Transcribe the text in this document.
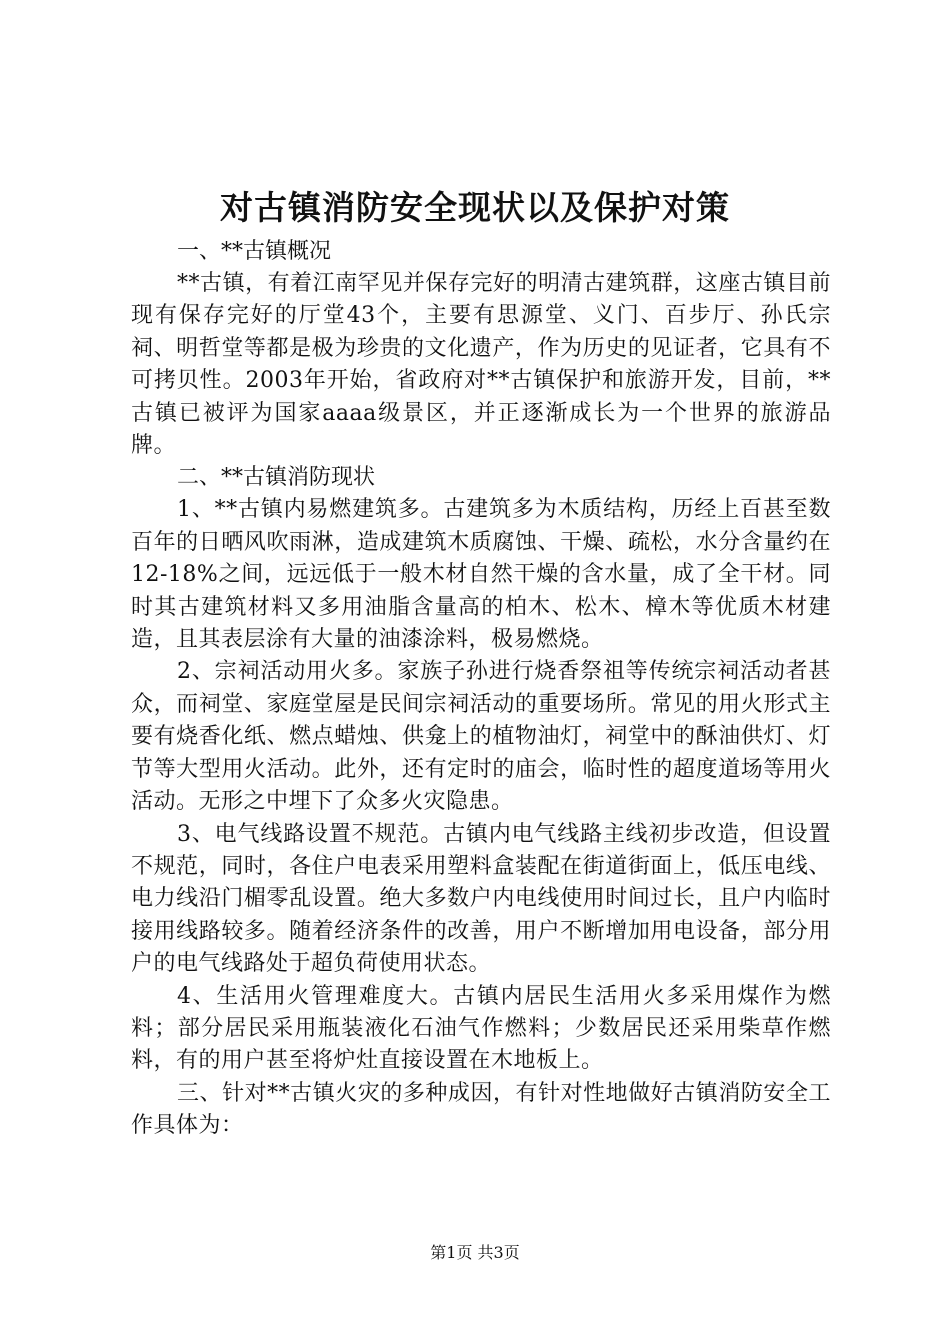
对古镇消防安全现状以及保护对策

一、**古镇概况

**古镇，有着江南罕见并保存完好的明清古建筑群，这座古镇目前现有保存完好的厅堂43个，主要有思源堂、义门、百步厅、孙氏宗祠、明哲堂等都是极为珍贵的文化遗产，作为历史的见证者，它具有不可拷贝性。2003年开始，省政府对**古镇保护和旅游开发，目前，**古镇已被评为国家aaaa级景区，并正逐渐成长为一个世界的旅游品牌。

二、**古镇消防现状

1、**古镇内易燃建筑多。古建筑多为木质结构，历经上百甚至数百年的日晒风吹雨淋，造成建筑木质腐蚀、干燥、疏松，水分含量约在12-18%之间，远远低于一般木材自然干燥的含水量，成了全干材。同时其古建筑材料又多用油脂含量高的柏木、松木、樟木等优质木材建造，且其表层涂有大量的油漆涂料，极易燃烧。

2、宗祠活动用火多。家族子孙进行烧香祭祖等传统宗祠活动者甚众，而祠堂、家庭堂屋是民间宗祠活动的重要场所。常见的用火形式主要有烧香化纸、燃点蜡烛、供龛上的植物油灯，祠堂中的酥油供灯、灯节等大型用火活动。此外，还有定时的庙会，临时性的超度道场等用火活动。无形之中埋下了众多火灾隐患。

3、电气线路设置不规范。古镇内电气线路主线初步改造，但设置不规范，同时，各住户电表采用塑料盒装配在街道街面上，低压电线、电力线沿门楣零乱设置。绝大多数户内电线使用时间过长，且户内临时接用线路较多。随着经济条件的改善，用户不断增加用电设备，部分用户的电气线路处于超负荷使用状态。

4、生活用火管理难度大。古镇内居民生活用火多采用煤作为燃料；部分居民采用瓶装液化石油气作燃料；少数居民还采用柴草作燃料，有的用户甚至将炉灶直接设置在木地板上。

三、针对**古镇火灾的多种成因，有针对性地做好古镇消防安全工作具体为：

第1页 共3页
